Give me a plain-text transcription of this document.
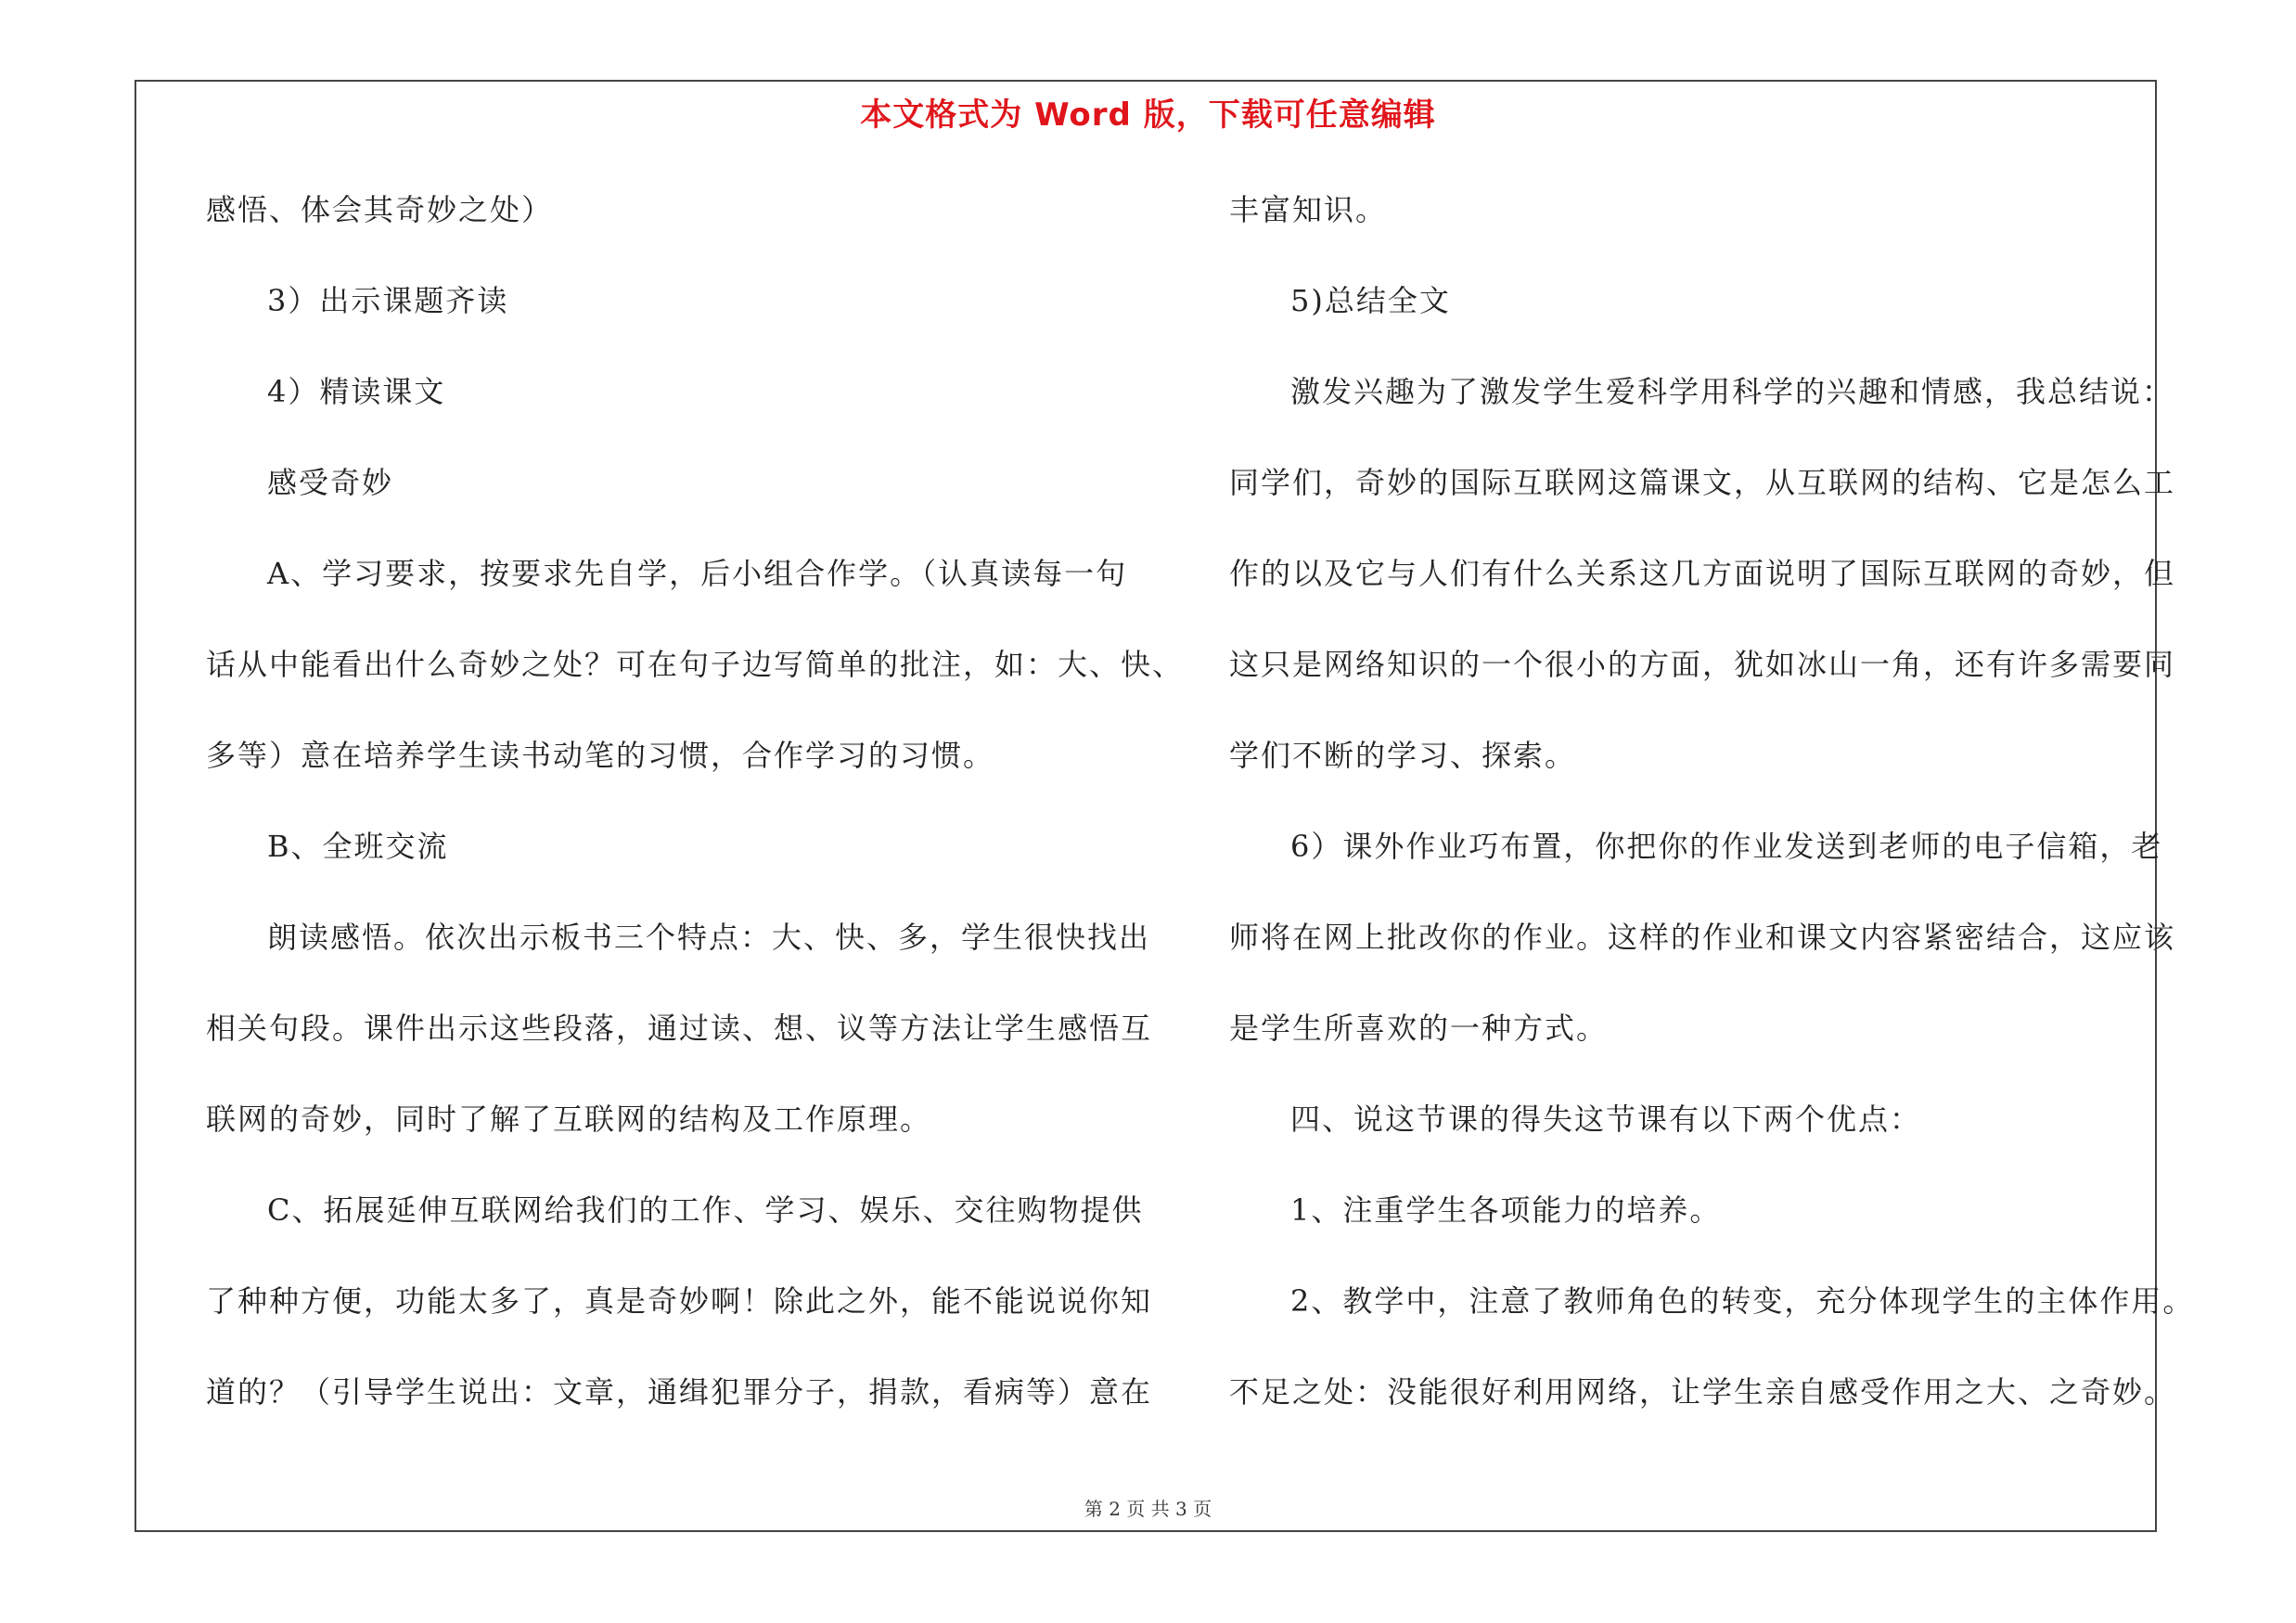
本文格式为 Word 版，下载可任意编辑

感悟、体会其奇妙之处）

3）出示课题齐读

4）精读课文

感受奇妙

A、学习要求，按要求先自学，后小组合作学。（认真读每一句

话从中能看出什么奇妙之处？可在句子边写简单的批注，如：大、快、

多等）意在培养学生读书动笔的习惯，合作学习的习惯。

B、全班交流

朗读感悟。依次出示板书三个特点：大、快、多，学生很快找出

相关句段。课件出示这些段落，通过读、想、议等方法让学生感悟互

联网的奇妙，同时了解了互联网的结构及工作原理。

C、拓展延伸互联网给我们的工作、学习、娱乐、交往购物提供

了种种方便，功能太多了，真是奇妙啊！除此之外，能不能说说你知

道的？（引导学生说出：文章，通缉犯罪分子，捐款，看病等）意在

丰富知识。

5)总结全文

激发兴趣为了激发学生爱科学用科学的兴趣和情感，我总结说：

同学们，奇妙的国际互联网这篇课文，从互联网的结构、它是怎么工

作的以及它与人们有什么关系这几方面说明了国际互联网的奇妙，但

这只是网络知识的一个很小的方面，犹如冰山一角，还有许多需要同

学们不断的学习、探索。

6）课外作业巧布置，你把你的作业发送到老师的电子信箱，老

师将在网上批改你的作业。这样的作业和课文内容紧密结合，这应该

是学生所喜欢的一种方式。

四、说这节课的得失这节课有以下两个优点：

1、注重学生各项能力的培养。

2、教学中，注意了教师角色的转变，充分体现学生的主体作用。

不足之处：没能很好利用网络，让学生亲自感受作用之大、之奇妙。

第 2 页 共 3 页
